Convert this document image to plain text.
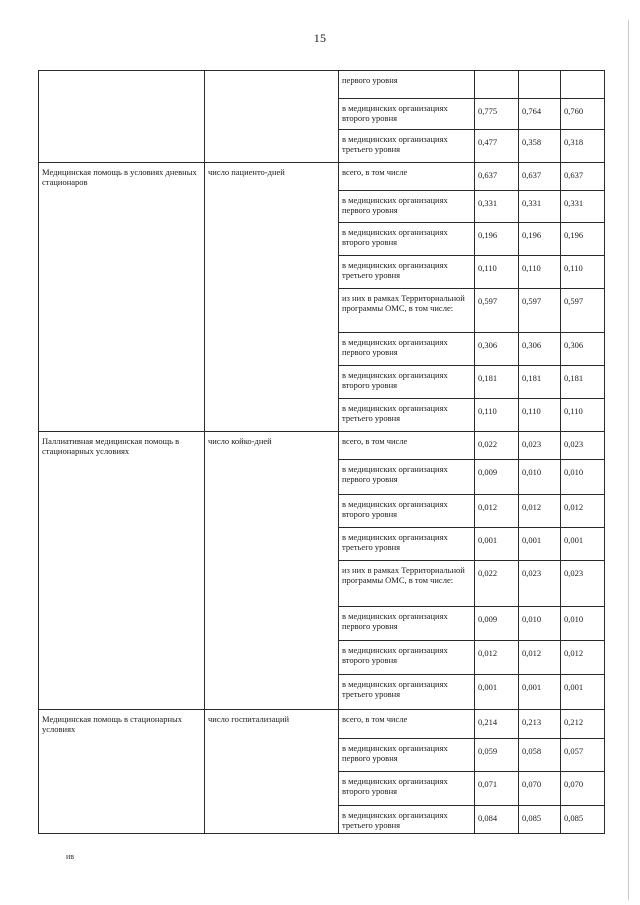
15
		первого уровня			
		в медицинских организациях второго уровня	0,775	0,764	0,760
		в медицинских организациях третьего уровня	0,477	0,358	0,318
Медицинская помощь в условиях дневных стационаров	число пациенто-дней	всего, в том числе	0,637	0,637	0,637
		в медицинских организациях первого уровня	0,331	0,331	0,331
		в медицинских организациях второго уровня	0,196	0,196	0,196
		в медицинских организациях третьего уровня	0,110	0,110	0,110
		из них в рамках Территориальной программы ОМС, в том числе:	0,597	0,597	0,597
		в медицинских организациях первого уровня	0,306	0,306	0,306
		в медицинских организациях второго уровня	0,181	0,181	0,181
		в медицинских организациях третьего уровня	0,110	0,110	0,110
Паллиативная медицинская помощь в стационарных условиях	число койко-дней	всего, в том числе	0,022	0,023	0,023
		в медицинских организациях первого уровня	0,009	0,010	0,010
		в медицинских организациях второго уровня	0,012	0,012	0,012
		в медицинских организациях третьего уровня	0,001	0,001	0,001
		из них в рамках Территориальной программы ОМС, в том числе:	0,022	0,023	0,023
		в медицинских организациях первого уровня	0,009	0,010	0,010
		в медицинских организациях второго уровня	0,012	0,012	0,012
		в медицинских организациях третьего уровня	0,001	0,001	0,001
Медицинская помощь в стационарных условиях	число госпитализаций	всего, в том числе	0,214	0,213	0,212
		в медицинских организациях первого уровня	0,059	0,058	0,057
		в медицинских организациях второго уровня	0,071	0,070	0,070
		в медицинских организациях третьего уровня	0,084	0,085	0,085
ив
